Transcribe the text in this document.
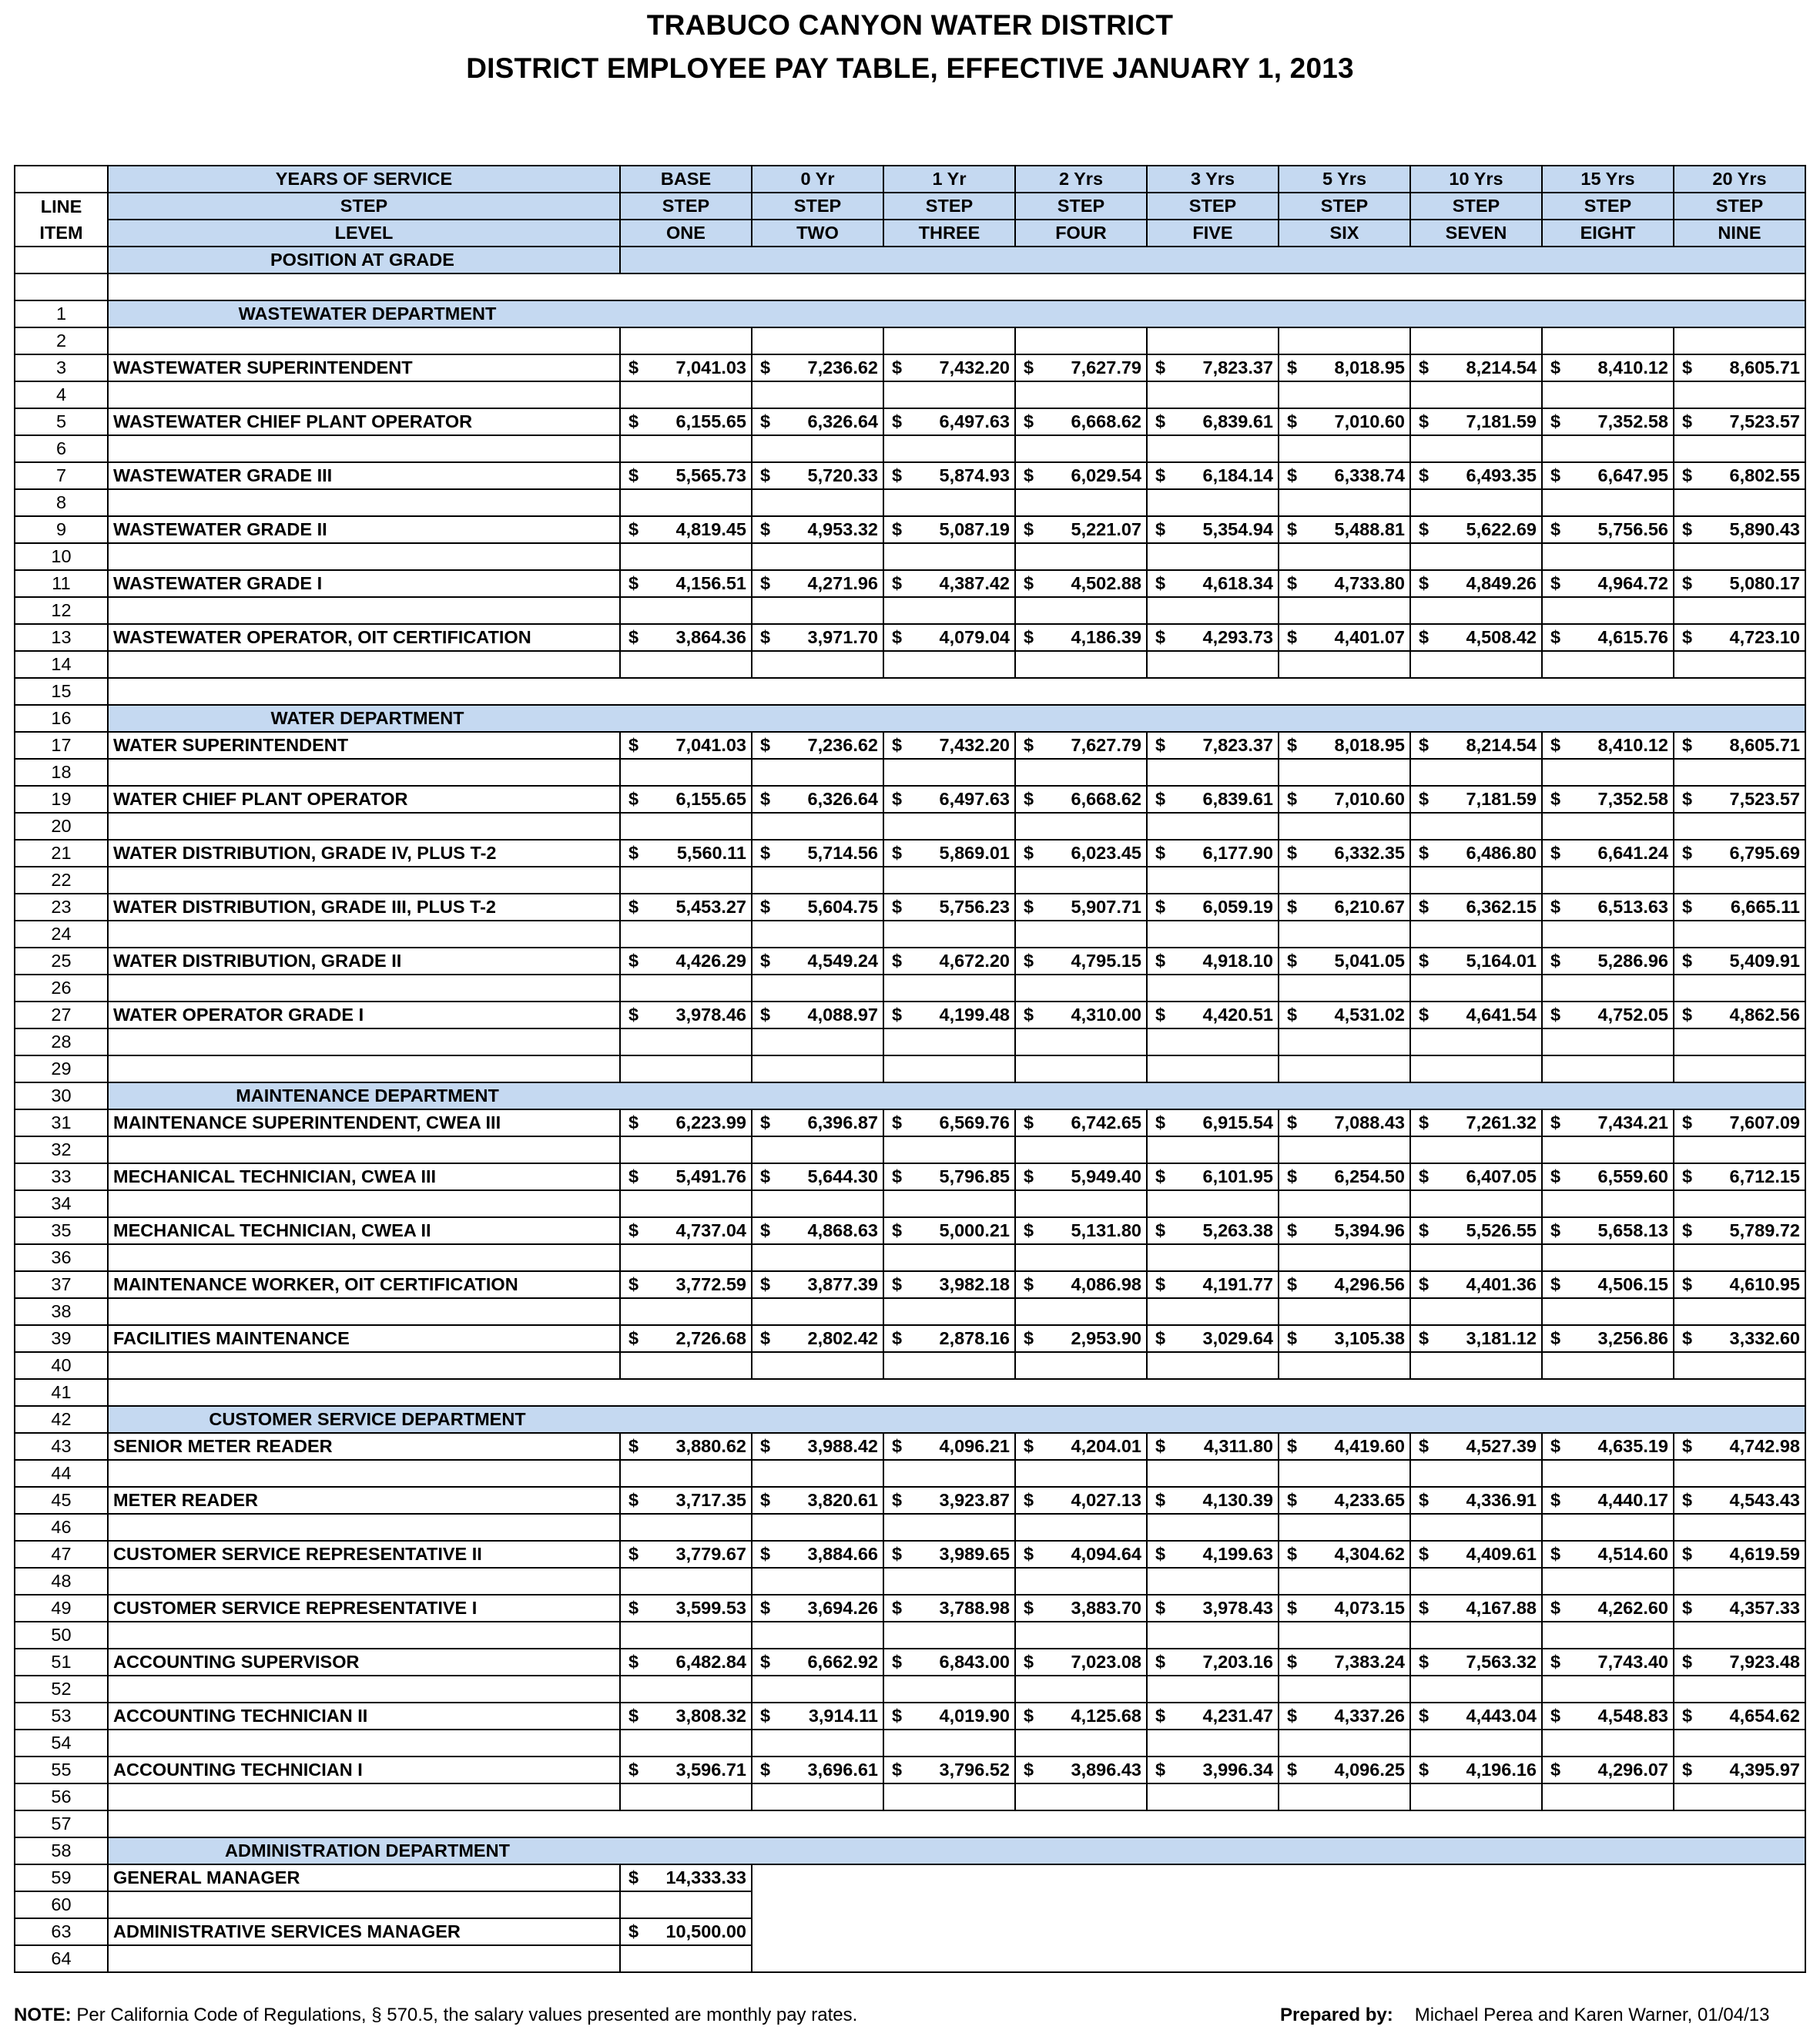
TRABUCO CANYON WATER DISTRICT
DISTRICT EMPLOYEE PAY TABLE, EFFECTIVE JANUARY 1, 2013
	YEARS OF SERVICE	BASE	0 Yr	1 Yr	2 Yrs	3 Yrs	5 Yrs	10 Yrs	15 Yrs	20 Yrs
LINE	STEP	STEP	STEP	STEP	STEP	STEP	STEP	STEP	STEP	STEP
ITEM	LEVEL	ONE	TWO	THREE	FOUR	FIVE	SIX	SEVEN	EIGHT	NINE
	POSITION AT GRADE									

1	WASTEWATER DEPARTMENT									
2										
3	WASTEWATER SUPERINTENDENT	$ 7,041.03	$ 7,236.62	$ 7,432.20	$ 7,627.79	$ 7,823.37	$ 8,018.95	$ 8,214.54	$ 8,410.12	$ 8,605.71
4										
5	WASTEWATER CHIEF PLANT OPERATOR	$ 6,155.65	$ 6,326.64	$ 6,497.63	$ 6,668.62	$ 6,839.61	$ 7,010.60	$ 7,181.59	$ 7,352.58	$ 7,523.57
6										
7	WASTEWATER GRADE III	$ 5,565.73	$ 5,720.33	$ 5,874.93	$ 6,029.54	$ 6,184.14	$ 6,338.74	$ 6,493.35	$ 6,647.95	$ 6,802.55
8										
9	WASTEWATER GRADE II	$ 4,819.45	$ 4,953.32	$ 5,087.19	$ 5,221.07	$ 5,354.94	$ 5,488.81	$ 5,622.69	$ 5,756.56	$ 5,890.43
10										
11	WASTEWATER GRADE I	$ 4,156.51	$ 4,271.96	$ 4,387.42	$ 4,502.88	$ 4,618.34	$ 4,733.80	$ 4,849.26	$ 4,964.72	$ 5,080.17
12										
13	WASTEWATER OPERATOR, OIT CERTIFICATION	$ 3,864.36	$ 3,971.70	$ 4,079.04	$ 4,186.39	$ 4,293.73	$ 4,401.07	$ 4,508.42	$ 4,615.76	$ 4,723.10
14										
15										
16	WATER DEPARTMENT									
17	WATER SUPERINTENDENT	$ 7,041.03	$ 7,236.62	$ 7,432.20	$ 7,627.79	$ 7,823.37	$ 8,018.95	$ 8,214.54	$ 8,410.12	$ 8,605.71
18										
19	WATER CHIEF PLANT OPERATOR	$ 6,155.65	$ 6,326.64	$ 6,497.63	$ 6,668.62	$ 6,839.61	$ 7,010.60	$ 7,181.59	$ 7,352.58	$ 7,523.57
20										
21	WATER DISTRIBUTION, GRADE IV, PLUS T-2	$ 5,560.11	$ 5,714.56	$ 5,869.01	$ 6,023.45	$ 6,177.90	$ 6,332.35	$ 6,486.80	$ 6,641.24	$ 6,795.69
22										
23	WATER DISTRIBUTION, GRADE III, PLUS T-2	$ 5,453.27	$ 5,604.75	$ 5,756.23	$ 5,907.71	$ 6,059.19	$ 6,210.67	$ 6,362.15	$ 6,513.63	$ 6,665.11
24										
25	WATER DISTRIBUTION, GRADE II	$ 4,426.29	$ 4,549.24	$ 4,672.20	$ 4,795.15	$ 4,918.10	$ 5,041.05	$ 5,164.01	$ 5,286.96	$ 5,409.91
26										
27	WATER OPERATOR GRADE I	$ 3,978.46	$ 4,088.97	$ 4,199.48	$ 4,310.00	$ 4,420.51	$ 4,531.02	$ 4,641.54	$ 4,752.05	$ 4,862.56
28										
29										
30	MAINTENANCE DEPARTMENT									
31	MAINTENANCE SUPERINTENDENT, CWEA III	$ 6,223.99	$ 6,396.87	$ 6,569.76	$ 6,742.65	$ 6,915.54	$ 7,088.43	$ 7,261.32	$ 7,434.21	$ 7,607.09
32										
33	MECHANICAL TECHNICIAN, CWEA III	$ 5,491.76	$ 5,644.30	$ 5,796.85	$ 5,949.40	$ 6,101.95	$ 6,254.50	$ 6,407.05	$ 6,559.60	$ 6,712.15
34										
35	MECHANICAL TECHNICIAN, CWEA II	$ 4,737.04	$ 4,868.63	$ 5,000.21	$ 5,131.80	$ 5,263.38	$ 5,394.96	$ 5,526.55	$ 5,658.13	$ 5,789.72
36										
37	MAINTENANCE WORKER, OIT CERTIFICATION	$ 3,772.59	$ 3,877.39	$ 3,982.18	$ 4,086.98	$ 4,191.77	$ 4,296.56	$ 4,401.36	$ 4,506.15	$ 4,610.95
38										
39	FACILITIES MAINTENANCE	$ 2,726.68	$ 2,802.42	$ 2,878.16	$ 2,953.90	$ 3,029.64	$ 3,105.38	$ 3,181.12	$ 3,256.86	$ 3,332.60
40										
41										
42	CUSTOMER SERVICE DEPARTMENT									
43	SENIOR METER READER	$ 3,880.62	$ 3,988.42	$ 4,096.21	$ 4,204.01	$ 4,311.80	$ 4,419.60	$ 4,527.39	$ 4,635.19	$ 4,742.98
44										
45	METER READER	$ 3,717.35	$ 3,820.61	$ 3,923.87	$ 4,027.13	$ 4,130.39	$ 4,233.65	$ 4,336.91	$ 4,440.17	$ 4,543.43
46										
47	CUSTOMER SERVICE REPRESENTATIVE II	$ 3,779.67	$ 3,884.66	$ 3,989.65	$ 4,094.64	$ 4,199.63	$ 4,304.62	$ 4,409.61	$ 4,514.60	$ 4,619.59
48										
49	CUSTOMER SERVICE REPRESENTATIVE I	$ 3,599.53	$ 3,694.26	$ 3,788.98	$ 3,883.70	$ 3,978.43	$ 4,073.15	$ 4,167.88	$ 4,262.60	$ 4,357.33
50										
51	ACCOUNTING SUPERVISOR	$ 6,482.84	$ 6,662.92	$ 6,843.00	$ 7,023.08	$ 7,203.16	$ 7,383.24	$ 7,563.32	$ 7,743.40	$ 7,923.48
52										
53	ACCOUNTING TECHNICIAN II	$ 3,808.32	$ 3,914.11	$ 4,019.90	$ 4,125.68	$ 4,231.47	$ 4,337.26	$ 4,443.04	$ 4,548.83	$ 4,654.62
54										
55	ACCOUNTING TECHNICIAN I	$ 3,596.71	$ 3,696.61	$ 3,796.52	$ 3,896.43	$ 3,996.34	$ 4,096.25	$ 4,196.16	$ 4,296.07	$ 4,395.97
56										
57										
58	ADMINISTRATION DEPARTMENT									
59	GENERAL MANAGER	$ 14,333.33								
60										
63	ADMINISTRATIVE SERVICES MANAGER	$ 10,500.00								
64										
NOTE: Per California Code of Regulations, § 570.5, the salary values presented are monthly pay rates.	Prepared by: Michael Perea and Karen Warner, 01/04/13
